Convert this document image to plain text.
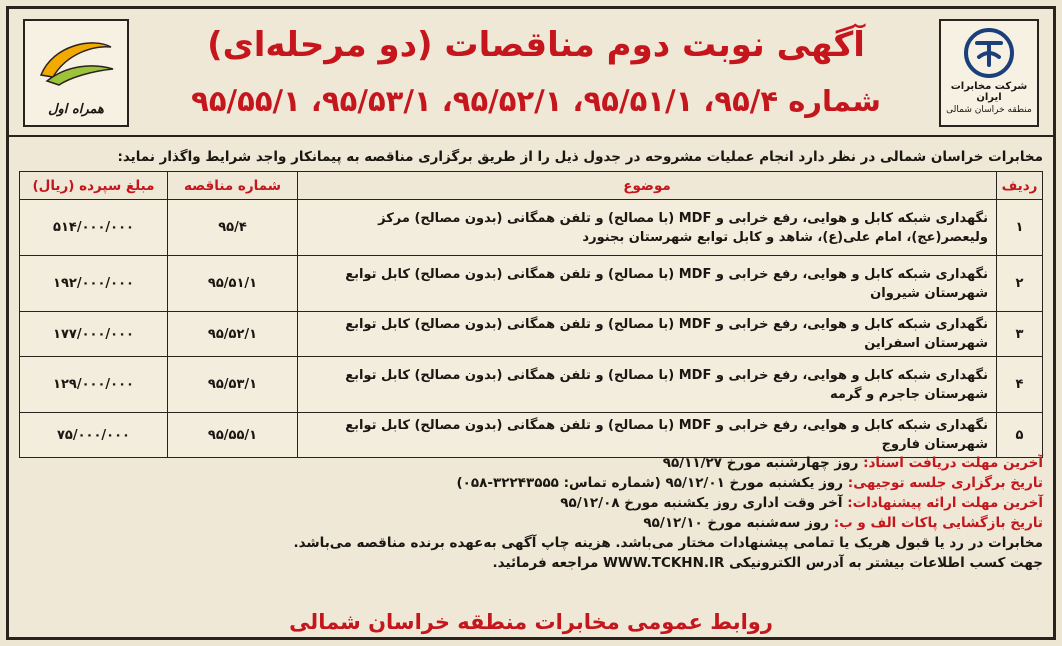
همراه اول
آگهی نوبت دوم مناقصات (دو مرحله‌ای)
شماره ۹۵/۴، ۹۵/۵۱/۱، ۹۵/۵۲/۱، ۹۵/۵۳/۱، ۹۵/۵۵/۱	شرکت مخابرات ایران
منطقه خراسان شمالی
مخابرات خراسان شمالی در نظر دارد انجام عملیات مشروحه در جدول ذیل را از طریق برگزاری مناقصه به پیمانکار واجد شرایط واگذار نماید:
ردیف	موضوع	شماره مناقصه	مبلغ سپرده (ریال)
۱	نگهداری شبکه کابل و هوایی، رفع خرابی و MDF (با مصالح) و تلفن همگانی (بدون مصالح) مرکز ولیعصر(عج)، امام علی(ع)، شاهد و کابل توابع شهرستان بجنورد	۹۵/۴	۵۱۴/۰۰۰/۰۰۰
۲	نگهداری شبکه کابل و هوایی، رفع خرابی و MDF (با مصالح) و تلفن همگانی (بدون مصالح) کابل توابع شهرستان شیروان	۹۵/۵۱/۱	۱۹۲/۰۰۰/۰۰۰
۳	نگهداری شبکه کابل و هوایی، رفع خرابی و MDF (با مصالح) و تلفن همگانی (بدون مصالح) کابل توابع شهرستان اسفراین	۹۵/۵۲/۱	۱۷۷/۰۰۰/۰۰۰
۴	نگهداری شبکه کابل و هوایی، رفع خرابی و MDF (با مصالح) و تلفن همگانی (بدون مصالح) کابل توابع شهرستان جاجرم و گرمه	۹۵/۵۳/۱	۱۲۹/۰۰۰/۰۰۰
۵	نگهداری شبکه کابل و هوایی، رفع خرابی و MDF (با مصالح) و تلفن همگانی (بدون مصالح) کابل توابع شهرستان فاروج	۹۵/۵۵/۱	۷۵/۰۰۰/۰۰۰
آخرین مهلت دریافت اسناد: روز چهارشنبه مورخ ۹۵/۱۱/۲۷
تاریخ برگزاری جلسه توجیهی: روز یکشنبه مورخ ۹۵/۱۲/۰۱ (شماره تماس: ۳۲۲۴۳۵۵۵-۰۵۸)
آخرین مهلت ارائه پیشنهادات: آخر وقت اداری روز یکشنبه مورخ ۹۵/۱۲/۰۸
تاریخ بازگشایی پاکات الف و ب: روز سه‌شنبه مورخ ۹۵/۱۲/۱۰
مخابرات در رد یا قبول هریک یا تمامی پیشنهادات مختار می‌باشد. هزینه چاپ آگهی به‌عهده برنده مناقصه می‌باشد.
جهت کسب اطلاعات بیشتر به آدرس الکترونیکی WWW.TCKHN.IR مراجعه فرمائید.
روابط عمومی مخابرات منطقه خراسان شمالی
